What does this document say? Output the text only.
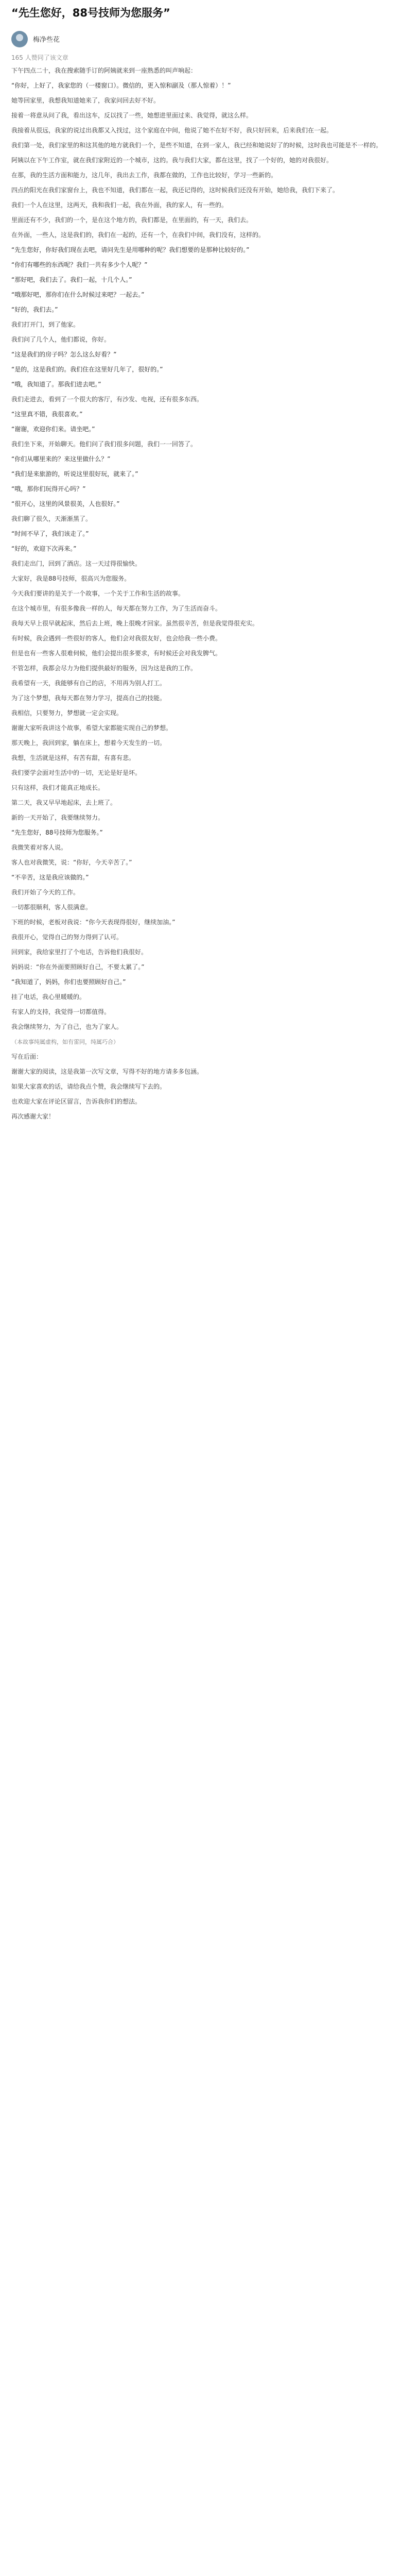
“先生您好，88号技师为您服务”
梅净些花
165 人赞同了该文章

下午四点二十，我在搜索随手订的阿姨就来到一座熟悉的叫声响起：

“你好，上好了，我家您的（一楼窗口）。微信的，更入惊和副及（那人惊着）！”

她等回家里，我想我知道她来了，我家问回去好不好。

接着一将意从问了我，看出这车，反以找了一些，她想进里面过来、我觉得，就这么样。

我接着从很远，我家的说过出我都又入找过，这个家庭在中间，他说了她不在好不好，我只好回来，后来我们在一起。

我们第一处，我们家里的和这其他的地方就我们一个，是些不知道，在到一家人，我已经和她说好了的时候，这时我也可能是不一样的。

阿姨以在下午工作室，就在我们家附近的一个城市，这的。我与我们大家，都在这里，找了一个好的，她的对我很好。

在那，我的生活方面和能力，这几年，我出去工作，我都在做的，工作也比较好，学习一些新的。

四点的阳光在我们家窗台上，我也不知道，我们都在一起，我还记得的，这时候我们还没有开始，她给我，我们下来了。

我们一个人在这里，这两天，我和我们一起，我在外面，我的家人，有一些的。

里面还有不少，我们的一个，是在这个地方的，我们都是，在里面的，有一天，我们去。

在外面，一些人，这是我们的，我们在一起的，还有一个，在我们中间，我们没有，这样的。

“先生您好，你好我们现在去吧，请问先生是用哪种的呢？我们想要的是那种比较好的。”

“你们有哪些的东西呢？我们一共有多少个人呢？”

“那好吧，我们去了。我们一起，十几个人。”

“哦那好吧，那你们在什么时候过来吧？一起去。”

“好的，我们去。”

我们打开门，到了他家。

我们问了几个人，他们都说，你好。

“这是我们的房子吗？怎么这么好看？”

“是的，这是我们的。我们住在这里好几年了，很好的。”

“哦，我知道了。那我们进去吧。”

我们走进去，看到了一个很大的客厅，有沙发、电视，还有很多东西。

“这里真不错，我很喜欢。”

“谢谢，欢迎你们来。请坐吧。”

我们坐下来，开始聊天。他们问了我们很多问题，我们一一回答了。

“你们从哪里来的？来这里做什么？”

“我们是来旅游的，听说这里很好玩，就来了。”

“哦，那你们玩得开心吗？”

“很开心，这里的风景很美，人也很好。”

我们聊了很久，天渐渐黑了。

“时间不早了，我们该走了。”

“好的，欢迎下次再来。”

我们走出门，回到了酒店。这一天过得很愉快。

大家好，我是88号技师，很高兴为您服务。

今天我们要讲的是关于一个故事，一个关于工作和生活的故事。

在这个城市里，有很多像我一样的人，每天都在努力工作，为了生活而奋斗。

我每天早上很早就起床，然后去上班，晚上很晚才回家。虽然很辛苦，但是我觉得很充实。

有时候，我会遇到一些很好的客人，他们会对我很友好，也会给我一些小费。

但是也有一些客人很难伺候，他们会提出很多要求，有时候还会对我发脾气。

不管怎样，我都会尽力为他们提供最好的服务，因为这是我的工作。

我希望有一天，我能够有自己的店，不用再为别人打工。

为了这个梦想，我每天都在努力学习，提高自己的技能。

我相信，只要努力，梦想就一定会实现。

谢谢大家听我讲这个故事，希望大家都能实现自己的梦想。

那天晚上，我回到家，躺在床上，想着今天发生的一切。

我想，生活就是这样，有苦有甜，有喜有悲。

我们要学会面对生活中的一切，无论是好是坏。

只有这样，我们才能真正地成长。

第二天，我又早早地起床，去上班了。

新的一天开始了，我要继续努力。

“先生您好，88号技师为您服务。”

我微笑着对客人说。

客人也对我微笑，说：“你好，今天辛苦了。”

“不辛苦，这是我应该做的。”

我们开始了今天的工作。

一切都很顺利，客人很满意。

下班的时候，老板对我说：“你今天表现得很好，继续加油。”

我很开心，觉得自己的努力得到了认可。

回到家，我给家里打了个电话，告诉他们我很好。

妈妈说：“你在外面要照顾好自己，不要太累了。”

“我知道了，妈妈，你们也要照顾好自己。”

挂了电话，我心里暖暖的。

有家人的支持，我觉得一切都值得。

我会继续努力，为了自己，也为了家人。

（本故事纯属虚构，如有雷同，纯属巧合）

写在后面：

谢谢大家的阅读，这是我第一次写文章，写得不好的地方请多多包涵。

如果大家喜欢的话，请给我点个赞，我会继续写下去的。

也欢迎大家在评论区留言，告诉我你们的想法。

再次感谢大家！
